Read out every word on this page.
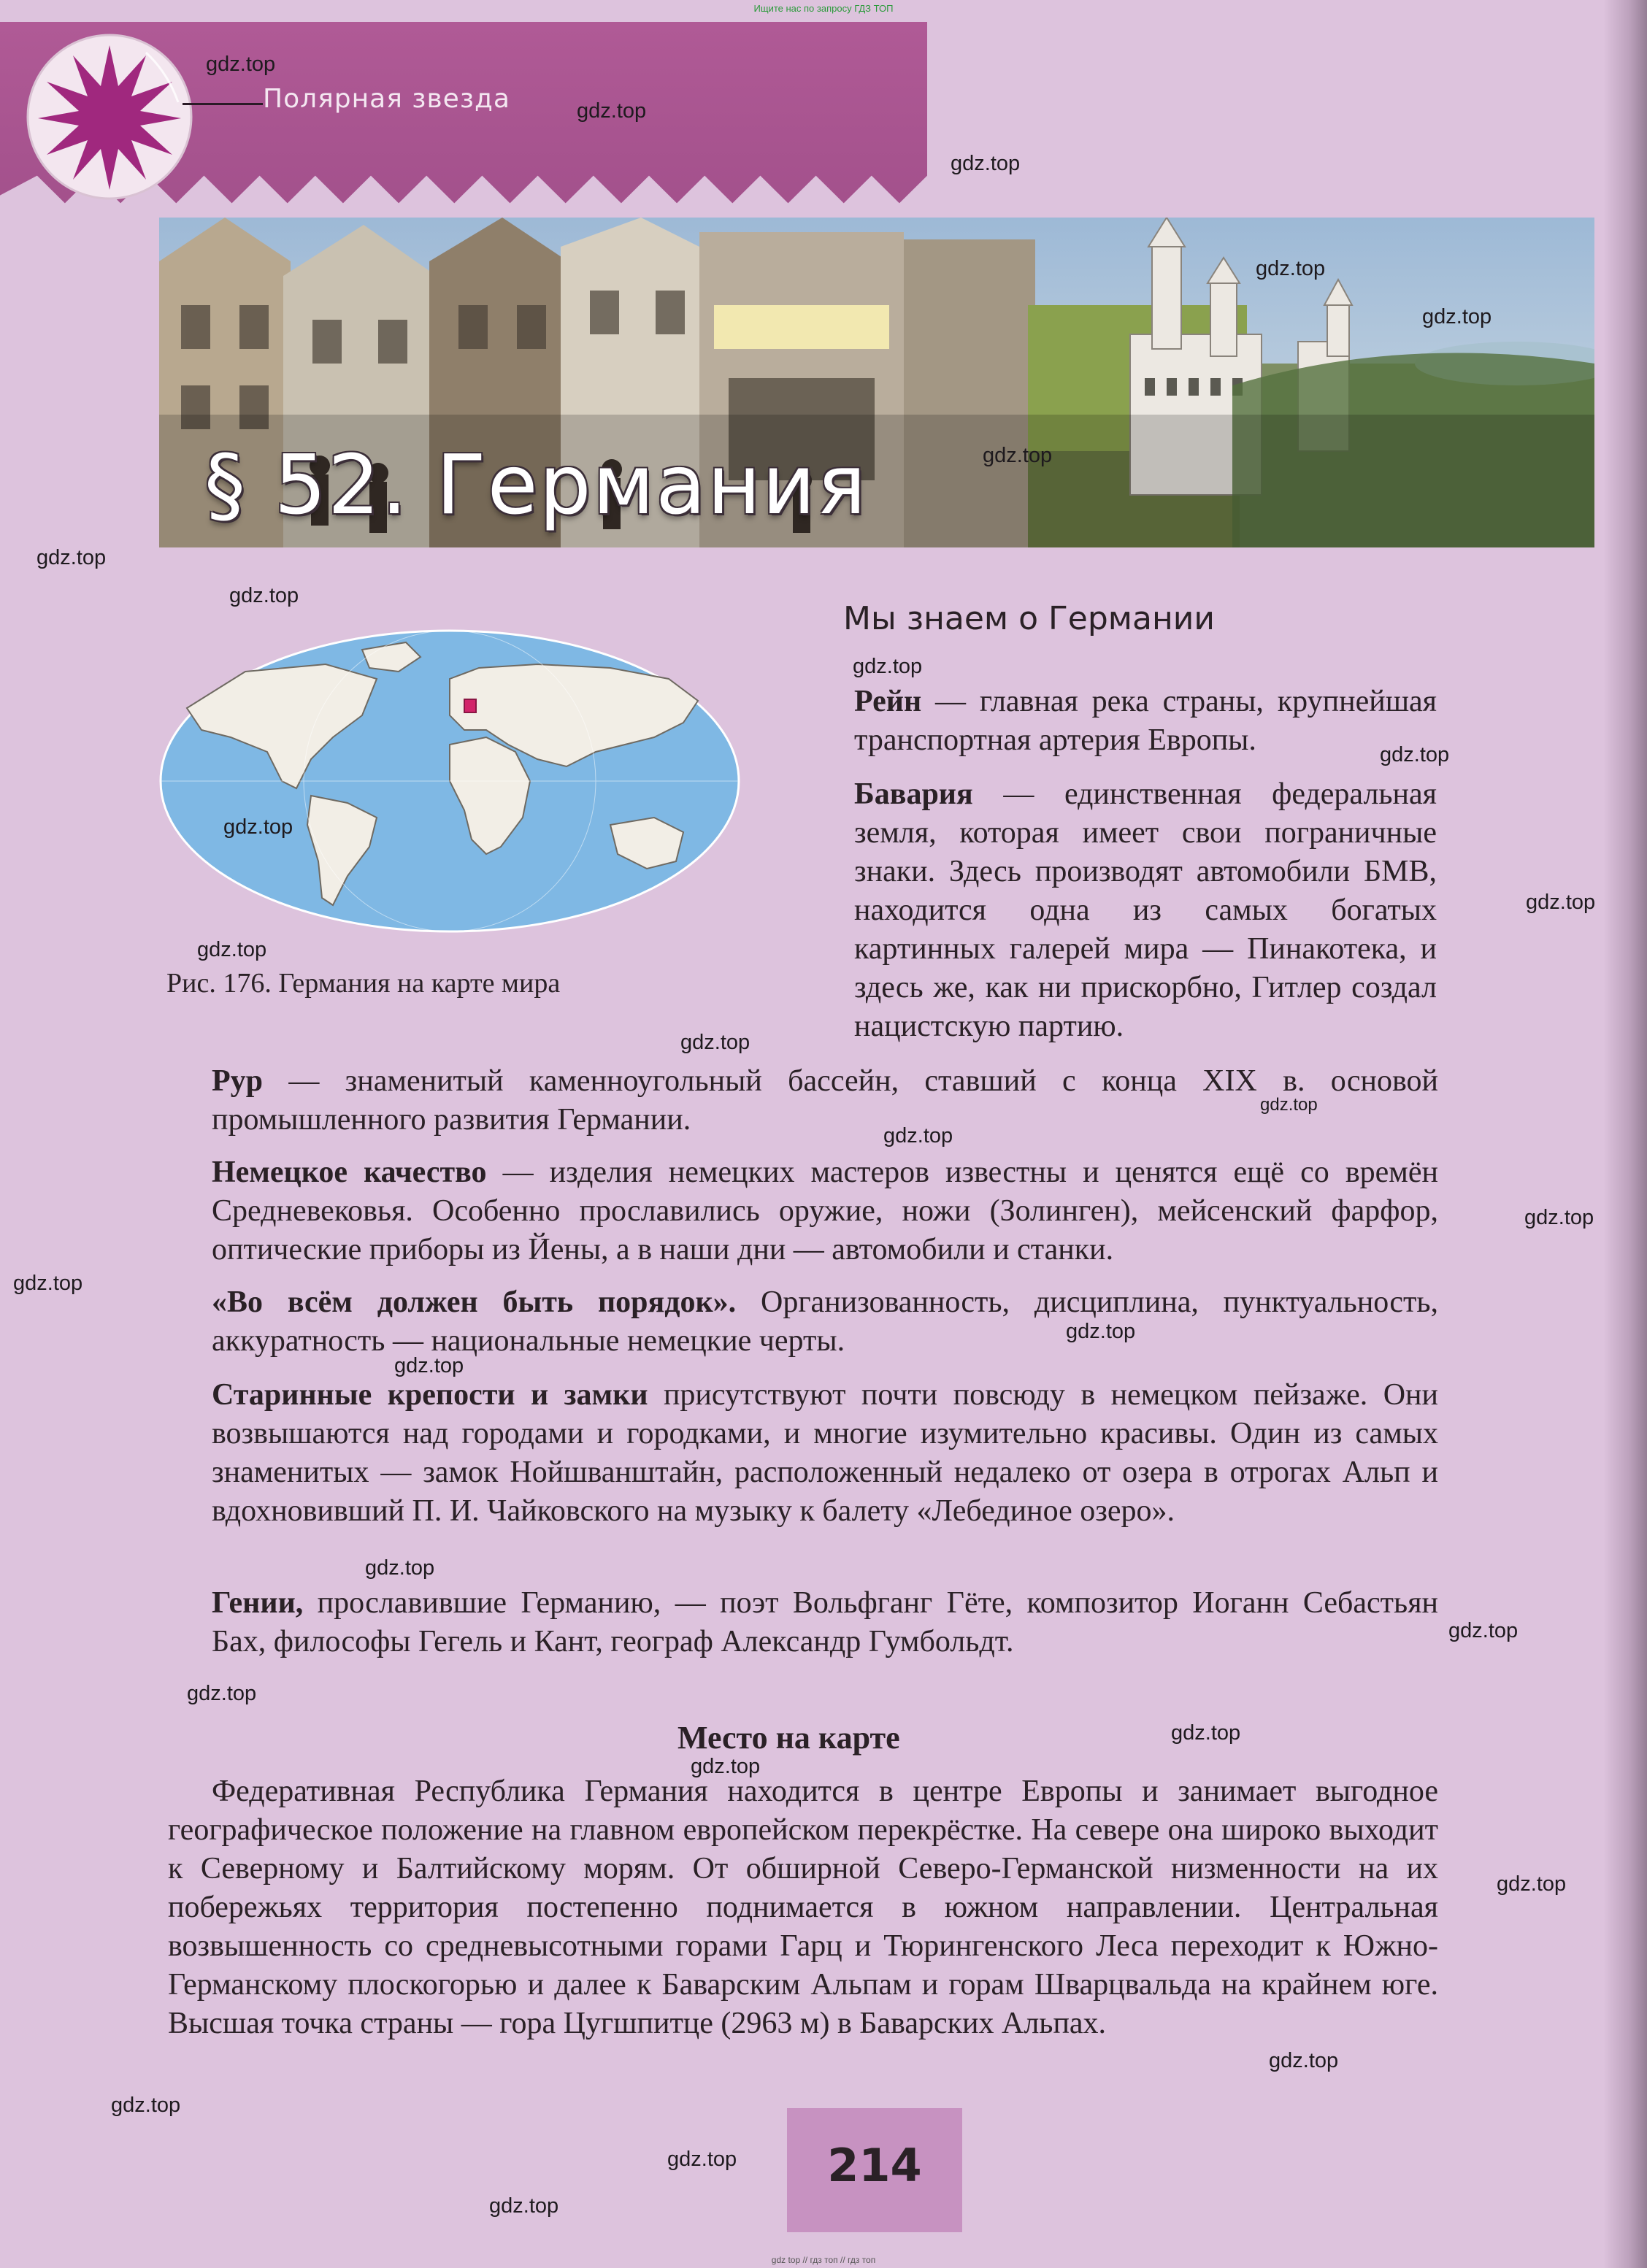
Ищите нас по запросу ГДЗ ТОП
Полярная звезда
§ 52. Германия
Рис. 176. Германия на карте мира
Мы знаем о Германии
Рейн — главная река страны, крупнейшая транспортная артерия Европы.
Бавария — единственная федеральная земля, которая имеет свои пограничные знаки. Здесь производят автомобили БМВ, находится одна из самых богатых картинных галерей мира — Пинакотека, и здесь же, как ни прискорбно, Гитлер создал нацистскую партию.
Рур — знаменитый каменноугольный бассейн, ставший с конца XIX в. основой промышленного развития Германии.
Немецкое качество — изделия немецких мастеров известны и ценятся ещё со времён Средневековья. Особенно прославились оружие, ножи (Золинген), мейсенский фарфор, оптические приборы из Йены, а в наши дни — автомобили и станки.
«Во всём должен быть порядок». Организованность, дисциплина, пунктуальность, аккуратность — национальные немецкие черты.
Старинные крепости и замки присутствуют почти повсюду в немецком пейзаже. Они возвышаются над городами и городками, и многие изумительно красивы. Один из самых знаменитых — замок Нойшванштайн, расположенный недалеко от озера в отрогах Альп и вдохновивший П. И. Чайковского на музыку к балету «Лебединое озеро».
Гении, прославившие Германию, — поэт Вольфганг Гёте, композитор Иоганн Себастьян Бах, философы Гегель и Кант, географ Александр Гумбольдт.
Место на карте
Федеративная Республика Германия находится в центре Европы и занимает выгодное географическое положение на главном европейском перекрёстке. На севере она широко выходит к Северному и Балтийскому морям. От обширной Северо-Германской низменности на их побережьях территория постепенно поднимается в южном направлении. Центральная возвышенность со средневысотными горами Гарц и Тюрингенского Леса переходит к Южно-Германскому плоскогорью и далее к Баварским Альпам и горам Шварцвальда на крайнем юге. Высшая точка страны — гора Цугшпитце (2963 м) в Баварских Альпах.
214
gdz.top
gdz.top
gdz.top
gdz.top
gdz.top
gdz.top
gdz.top
gdz.top
gdz.top
gdz.top
gdz.top
gdz.top
gdz.top
gdz.top
gdz.top
gdz.top
gdz.top
gdz.top
gdz.top
gdz.top
gdz.top
gdz.top
gdz.top
gdz.top
gdz.top
gdz.top
gdz.top
gdz.top
gdz.top
gdz.top
gdz top // гдз топ // гдз топ
